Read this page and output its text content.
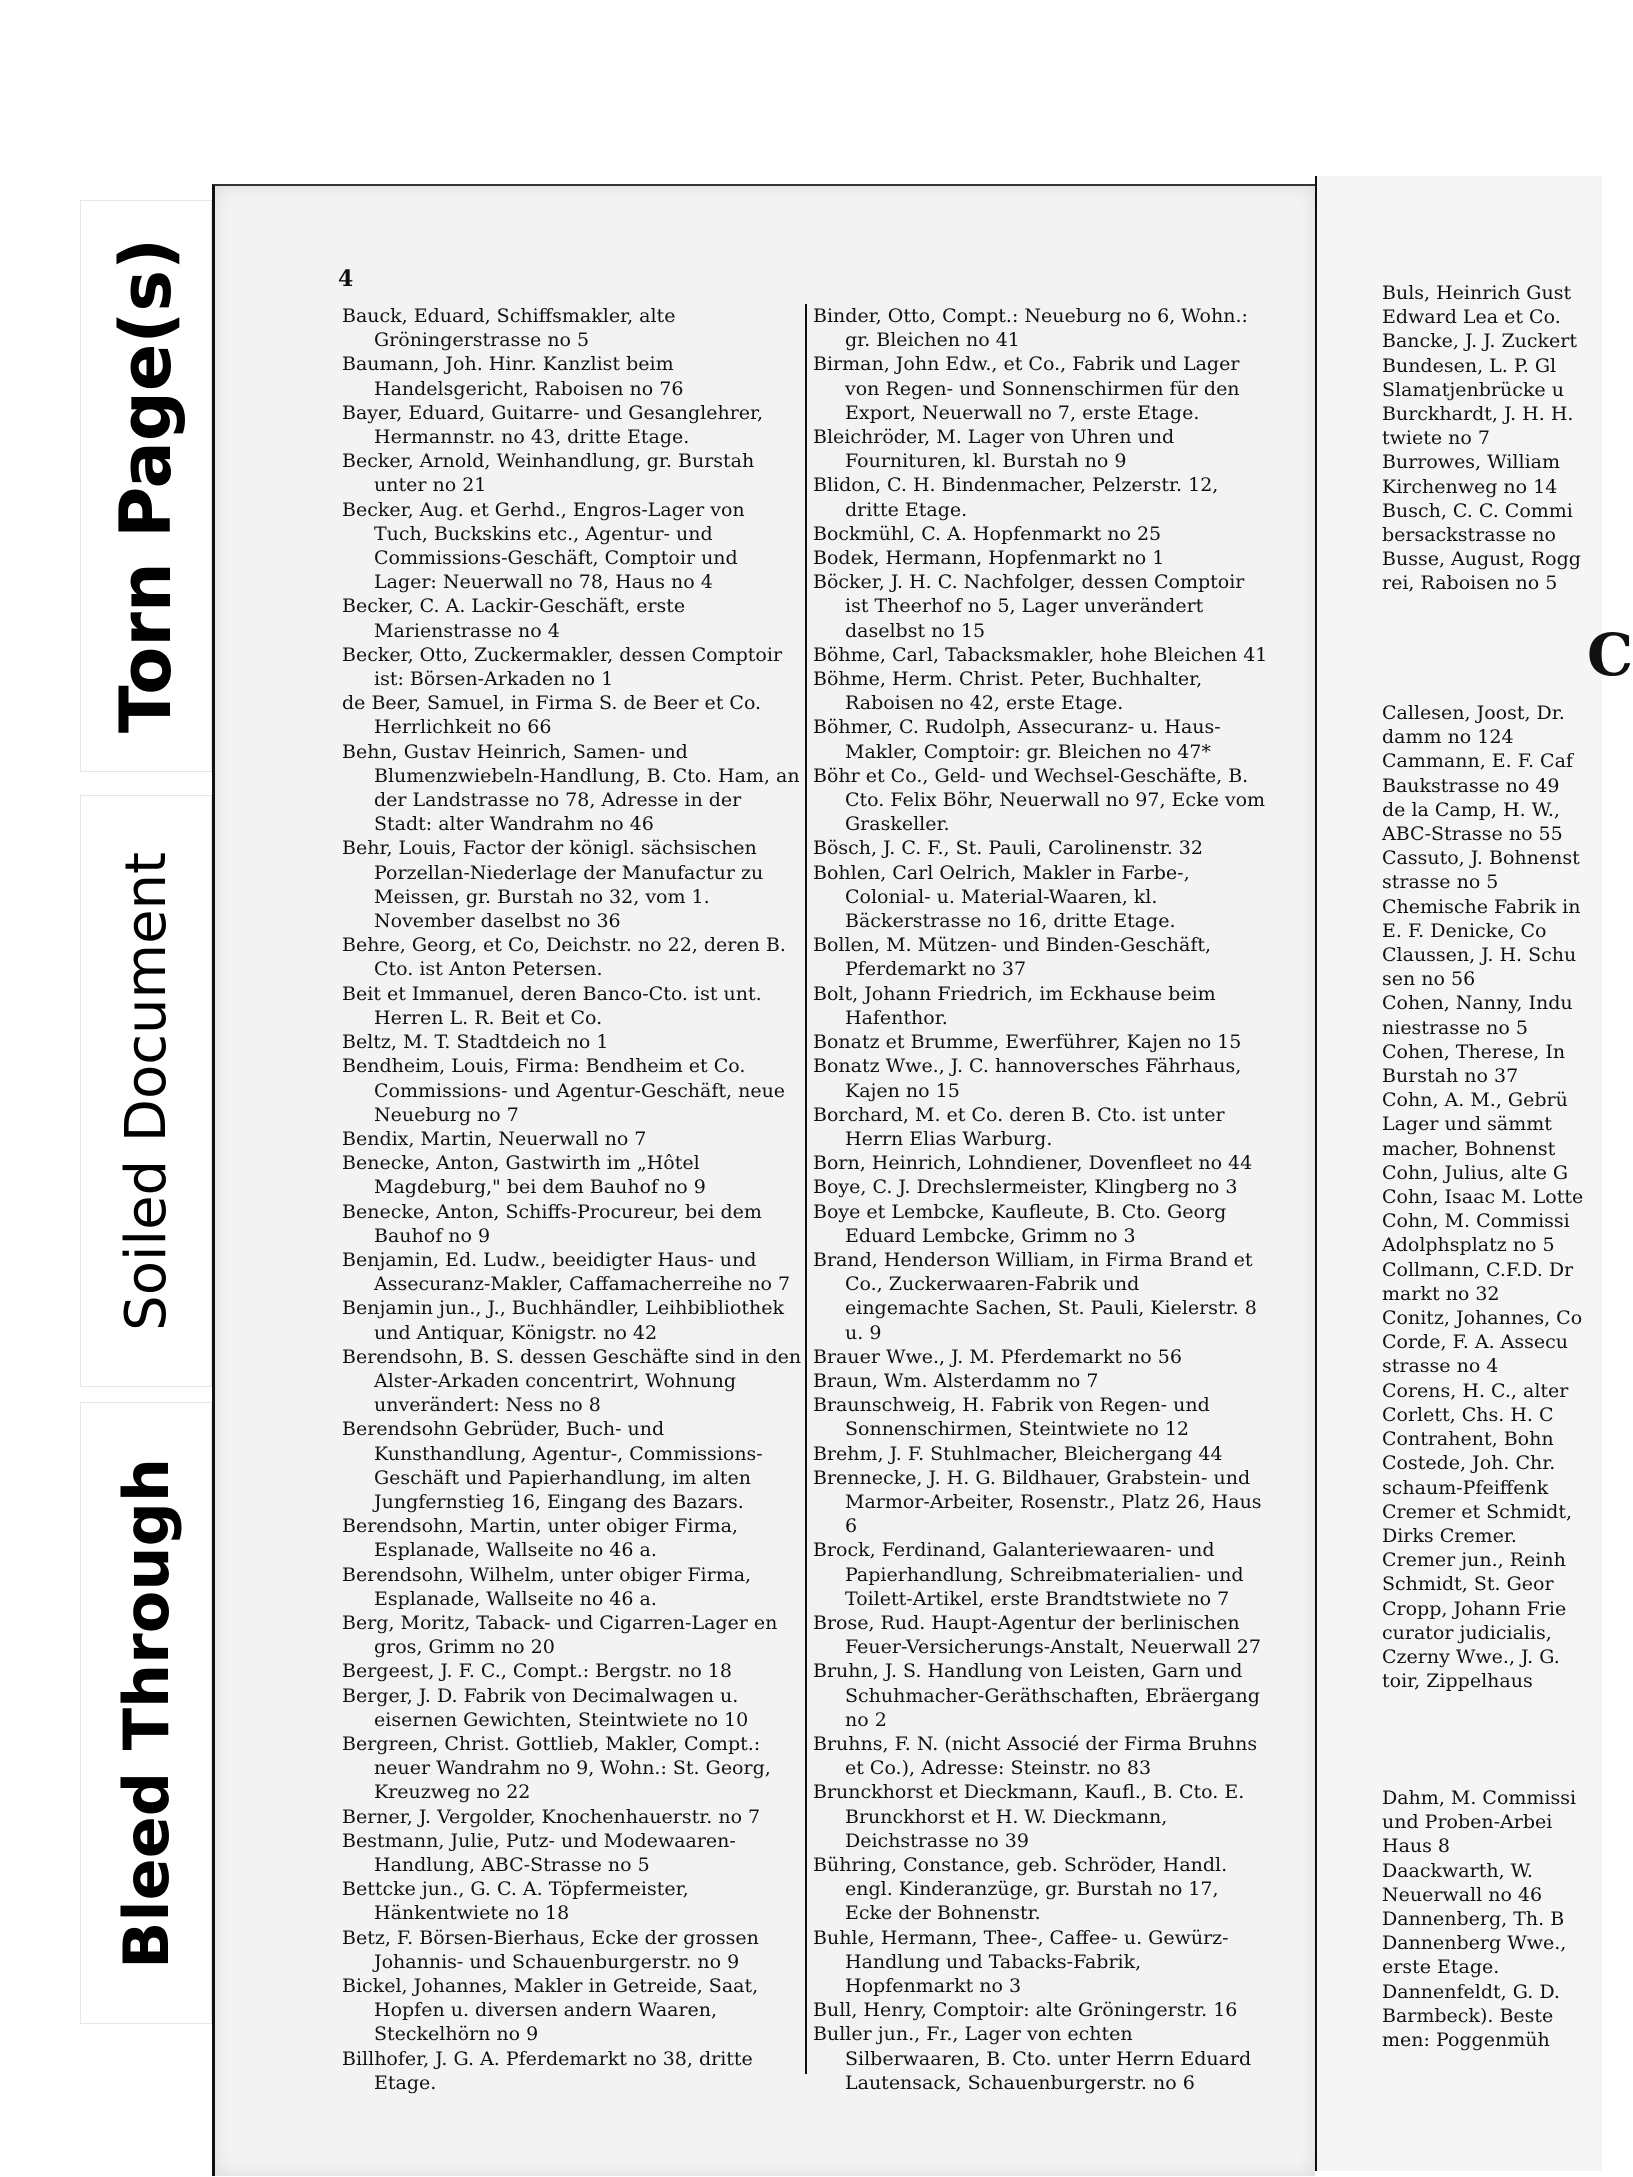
Torn Page(s)
Soiled Document
Bleed Through
4

Bauck, Eduard, Schiffsmakler, alte Gröningerstrasse no 5

Baumann, Joh. Hinr. Kanzlist beim Handelsgericht, Raboisen no 76

Bayer, Eduard, Guitarre- und Gesanglehrer, Hermannstr. no 43, dritte Etage.

Becker, Arnold, Weinhandlung, gr. Burstah unter no 21

Becker, Aug. et Gerhd., Engros-Lager von Tuch, Buckskins etc., Agentur- und Commissions-Geschäft, Comptoir und Lager: Neuerwall no 78, Haus no 4

Becker, C. A. Lackir-Geschäft, erste Marienstrasse no 4

Becker, Otto, Zuckermakler, dessen Comptoir ist: Börsen-Arkaden no 1

de Beer, Samuel, in Firma S. de Beer et Co. Herrlichkeit no 66

Behn, Gustav Heinrich, Samen- und Blumenzwiebeln-Handlung, B. Cto. Ham, an der Landstrasse no 78, Adresse in der Stadt: alter Wandrahm no 46

Behr, Louis, Factor der königl. sächsischen Porzellan-Niederlage der Manufactur zu Meissen, gr. Burstah no 32, vom 1. November daselbst no 36

Behre, Georg, et Co, Deichstr. no 22, deren B. Cto. ist Anton Petersen.

Beit et Immanuel, deren Banco-Cto. ist unt. Herren L. R. Beit et Co.

Beltz, M. T. Stadtdeich no 1

Bendheim, Louis, Firma: Bendheim et Co. Commissions- und Agentur-Geschäft, neue Neueburg no 7

Bendix, Martin, Neuerwall no 7

Benecke, Anton, Gastwirth im „Hôtel Magdeburg," bei dem Bauhof no 9

Benecke, Anton, Schiffs-Procureur, bei dem Bauhof no 9

Benjamin, Ed. Ludw., beeidigter Haus- und Assecuranz-Makler, Caffamacherreihe no 7

Benjamin jun., J., Buchhändler, Leihbibliothek und Antiquar, Königstr. no 42

Berendsohn, B. S. dessen Geschäfte sind in den Alster-Arkaden concentrirt, Wohnung unverändert: Ness no 8

Berendsohn Gebrüder, Buch- und Kunsthandlung, Agentur-, Commissions-Geschäft und Papierhandlung, im alten Jungfernstieg 16, Eingang des Bazars.

Berendsohn, Martin, unter obiger Firma, Esplanade, Wallseite no 46 a.

Berendsohn, Wilhelm, unter obiger Firma, Esplanade, Wallseite no 46 a.

Berg, Moritz, Taback- und Cigarren-Lager en gros, Grimm no 20

Bergeest, J. F. C., Compt.: Bergstr. no 18

Berger, J. D. Fabrik von Decimalwagen u. eisernen Gewichten, Steintwiete no 10

Bergreen, Christ. Gottlieb, Makler, Compt.: neuer Wandrahm no 9, Wohn.: St. Georg, Kreuzweg no 22

Berner, J. Vergolder, Knochenhauerstr. no 7

Bestmann, Julie, Putz- und Modewaaren-Handlung, ABC-Strasse no 5

Bettcke jun., G. C. A. Töpfermeister, Hänkentwiete no 18

Betz, F. Börsen-Bierhaus, Ecke der grossen Johannis- und Schauenburgerstr. no 9

Bickel, Johannes, Makler in Getreide, Saat, Hopfen u. diversen andern Waaren, Steckelhörn no 9

Billhofer, J. G. A. Pferdemarkt no 38, dritte Etage.

Binder, Otto, Compt.: Neueburg no 6, Wohn.: gr. Bleichen no 41

Birman, John Edw., et Co., Fabrik und Lager von Regen- und Sonnenschirmen für den Export, Neuerwall no 7, erste Etage.

Bleichröder, M. Lager von Uhren und Fournituren, kl. Burstah no 9

Blidon, C. H. Bindenmacher, Pelzerstr. 12, dritte Etage.

Bockmühl, C. A. Hopfenmarkt no 25

Bodek, Hermann, Hopfenmarkt no 1

Böcker, J. H. C. Nachfolger, dessen Comptoir ist Theerhof no 5, Lager unverändert daselbst no 15

Böhme, Carl, Tabacksmakler, hohe Bleichen 41

Böhme, Herm. Christ. Peter, Buchhalter, Raboisen no 42, erste Etage.

Böhmer, C. Rudolph, Assecuranz- u. Haus-Makler, Comptoir: gr. Bleichen no 47*

Böhr et Co., Geld- und Wechsel-Geschäfte, B. Cto. Felix Böhr, Neuerwall no 97, Ecke vom Graskeller.

Bösch, J. C. F., St. Pauli, Carolinenstr. 32

Bohlen, Carl Oelrich, Makler in Farbe-, Colonial- u. Material-Waaren, kl. Bäckerstrasse no 16, dritte Etage.

Bollen, M. Mützen- und Binden-Geschäft, Pferdemarkt no 37

Bolt, Johann Friedrich, im Eckhause beim Hafenthor.

Bonatz et Brumme, Ewerführer, Kajen no 15

Bonatz Wwe., J. C. hannoversches Fährhaus, Kajen no 15

Borchard, M. et Co. deren B. Cto. ist unter Herrn Elias Warburg.

Born, Heinrich, Lohndiener, Dovenfleet no 44

Boye, C. J. Drechslermeister, Klingberg no 3

Boye et Lembcke, Kaufleute, B. Cto. Georg Eduard Lembcke, Grimm no 3

Brand, Henderson William, in Firma Brand et Co., Zuckerwaaren-Fabrik und eingemachte Sachen, St. Pauli, Kielerstr. 8 u. 9

Brauer Wwe., J. M. Pferdemarkt no 56

Braun, Wm. Alsterdamm no 7

Braunschweig, H. Fabrik von Regen- und Sonnenschirmen, Steintwiete no 12

Brehm, J. F. Stuhlmacher, Bleichergang 44

Brennecke, J. H. G. Bildhauer, Grabstein- und Marmor-Arbeiter, Rosenstr., Platz 26, Haus 6

Brock, Ferdinand, Galanteriewaaren- und Papierhandlung, Schreibmaterialien- und Toilett-Artikel, erste Brandtstwiete no 7

Brose, Rud. Haupt-Agentur der berlinischen Feuer-Versicherungs-Anstalt, Neuerwall 27

Bruhn, J. S. Handlung von Leisten, Garn und Schuhmacher-Geräthschaften, Ebräergang no 2

Bruhns, F. N. (nicht Associé der Firma Bruhns et Co.), Adresse: Steinstr. no 83

Brunckhorst et Dieckmann, Kaufl., B. Cto. E. Brunckhorst et H. W. Dieckmann, Deichstrasse no 39

Bühring, Constance, geb. Schröder, Handl. engl. Kinderanzüge, gr. Burstah no 17, Ecke der Bohnenstr.

Buhle, Hermann, Thee-, Caffee- u. Gewürz-Handlung und Tabacks-Fabrik, Hopfenmarkt no 3

Bull, Henry, Comptoir: alte Gröningerstr. 16

Buller jun., Fr., Lager von echten Silberwaaren, B. Cto. unter Herrn Eduard Lautensack, Schauenburgerstr. no 6

Buls, Heinrich Gust
Edward Lea et Co.
Bancke, J. J. Zuckert
Bundesen, L. P. Gl
Slamatjenbrücke u
Burckhardt, J. H. H.
twiete no 7
Burrowes, William
Kirchenweg no 14
Busch, C. C. Commi
bersackstrasse no
Busse, August, Rogg
rei, Raboisen no 5
C
Callesen, Joost, Dr.
damm no 124
Cammann, E. F. Caf
Baukstrasse no 49
de la Camp, H. W.,
ABC-Strasse no 55
Cassuto, J. Bohnenst
strasse no 5
Chemische Fabrik in
E. F. Denicke, Co
Claussen, J. H. Schu
sen no 56
Cohen, Nanny, Indu
niestrasse no 5
Cohen, Therese, In
Burstah no 37
Cohn, A. M., Gebrü
Lager und sämmt
macher, Bohnenst
Cohn, Julius, alte G
Cohn, Isaac M. Lotte
Cohn, M. Commissi
Adolphsplatz no 5
Collmann, C.F.D. Dr
markt no 32
Conitz, Johannes, Co
Corde, F. A. Assecu
strasse no 4
Corens, H. C., alter
Corlett, Chs. H. C
Contrahent, Bohn
Costede, Joh. Chr.
schaum-Pfeiffenk
Cremer et Schmidt,
Dirks Cremer.
Cremer jun., Reinh
Schmidt, St. Geor
Cropp, Johann Frie
curator judicialis,
Czerny Wwe., J. G.
toir, Zippelhaus
Dahm, M. Commissi
und Proben-Arbei
Haus 8
Daackwarth, W.
Neuerwall no 46
Dannenberg, Th. B
Dannenberg Wwe.,
erste Etage.
Dannenfeldt, G. D.
Barmbeck). Beste
men: Poggenmüh
